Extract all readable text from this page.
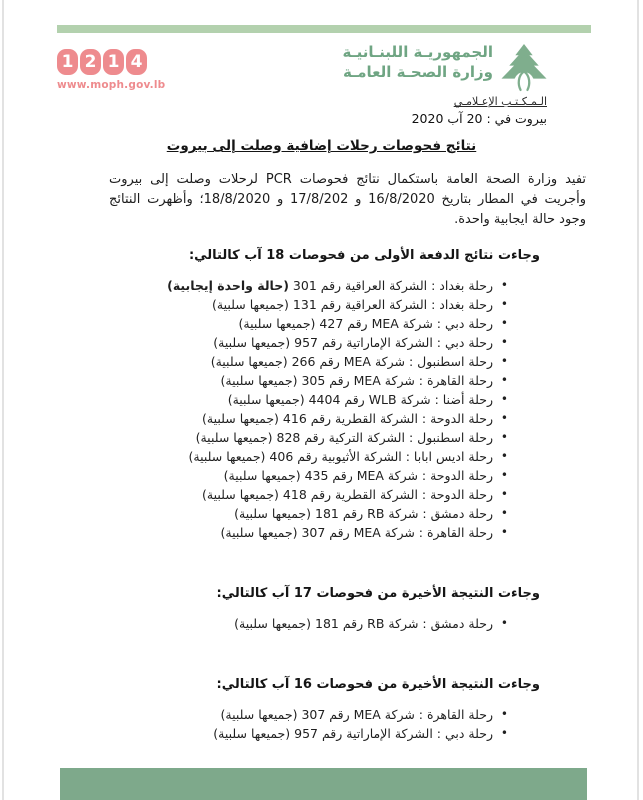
1 2 1 4
www.moph.gov.lb
الجمهوريـة اللبنـانيـة
وزارة الصحـة العامـة
الـمـكـتـب الإعـلامـي
بيروت في : 20 آب 2020
نتائج فحوصات رحلات إضافية وصلت إلى بيروت

تفيد وزارة الصحة العامة باستكمال نتائج فحوصات PCR لرحلات وصلت إلى بيروت وأجريت في المطار بتاريخ 16/8/2020 و 17/8/202 و 18/8/2020؛ وأظهرت النتائج وجود حالة ايجابية واحدة.

وجاءت نتائج الدفعة الأولى من فحوصات 18 آب كالتالي:
• رحلة بغداد : الشركة العراقية رقم 301 (حالة واحدة إيجابية)
• رحلة بغداد : الشركة العراقية رقم 131 (جميعها سلبية)
• رحلة دبي : شركة MEA رقم 427 (جميعها سلبية)
• رحلة دبي : الشركة الإماراتية رقم 957 (جميعها سلبية)
• رحلة اسطنبول : شركة MEA رقم 266 (جميعها سلبية)
• رحلة القاهرة : شركة MEA رقم 305 (جميعها سلبية)
• رحلة أضنا : شركة WLB رقم 4404 (جميعها سلبية)
• رحلة الدوحة : الشركة القطرية رقم 416 (جميعها سلبية)
• رحلة اسطنبول : الشركة التركية رقم 828 (جميعها سلبية)
• رحلة اديس ابابا : الشركة الأثيوبية رقم 406 (جميعها سلبية)
• رحلة الدوحة : شركة MEA رقم 435 (جميعها سلبية)
• رحلة الدوحة : الشركة القطرية رقم 418 (جميعها سلبية)
• رحلة دمشق : شركة RB رقم 181 (جميعها سلبية)
• رحلة القاهرة : شركة MEA رقم 307 (جميعها سلبية)
وجاءت النتيجة الأخيرة من فحوصات 17 آب كالتالي:
• رحلة دمشق : شركة RB رقم 181 (جميعها سلبية)
وجاءت النتيجة الأخيرة من فحوصات 16 آب كالتالي:
• رحلة القاهرة : شركة MEA رقم 307 (جميعها سلبية)
• رحلة دبي : الشركة الإماراتية رقم 957 (جميعها سلبية)
